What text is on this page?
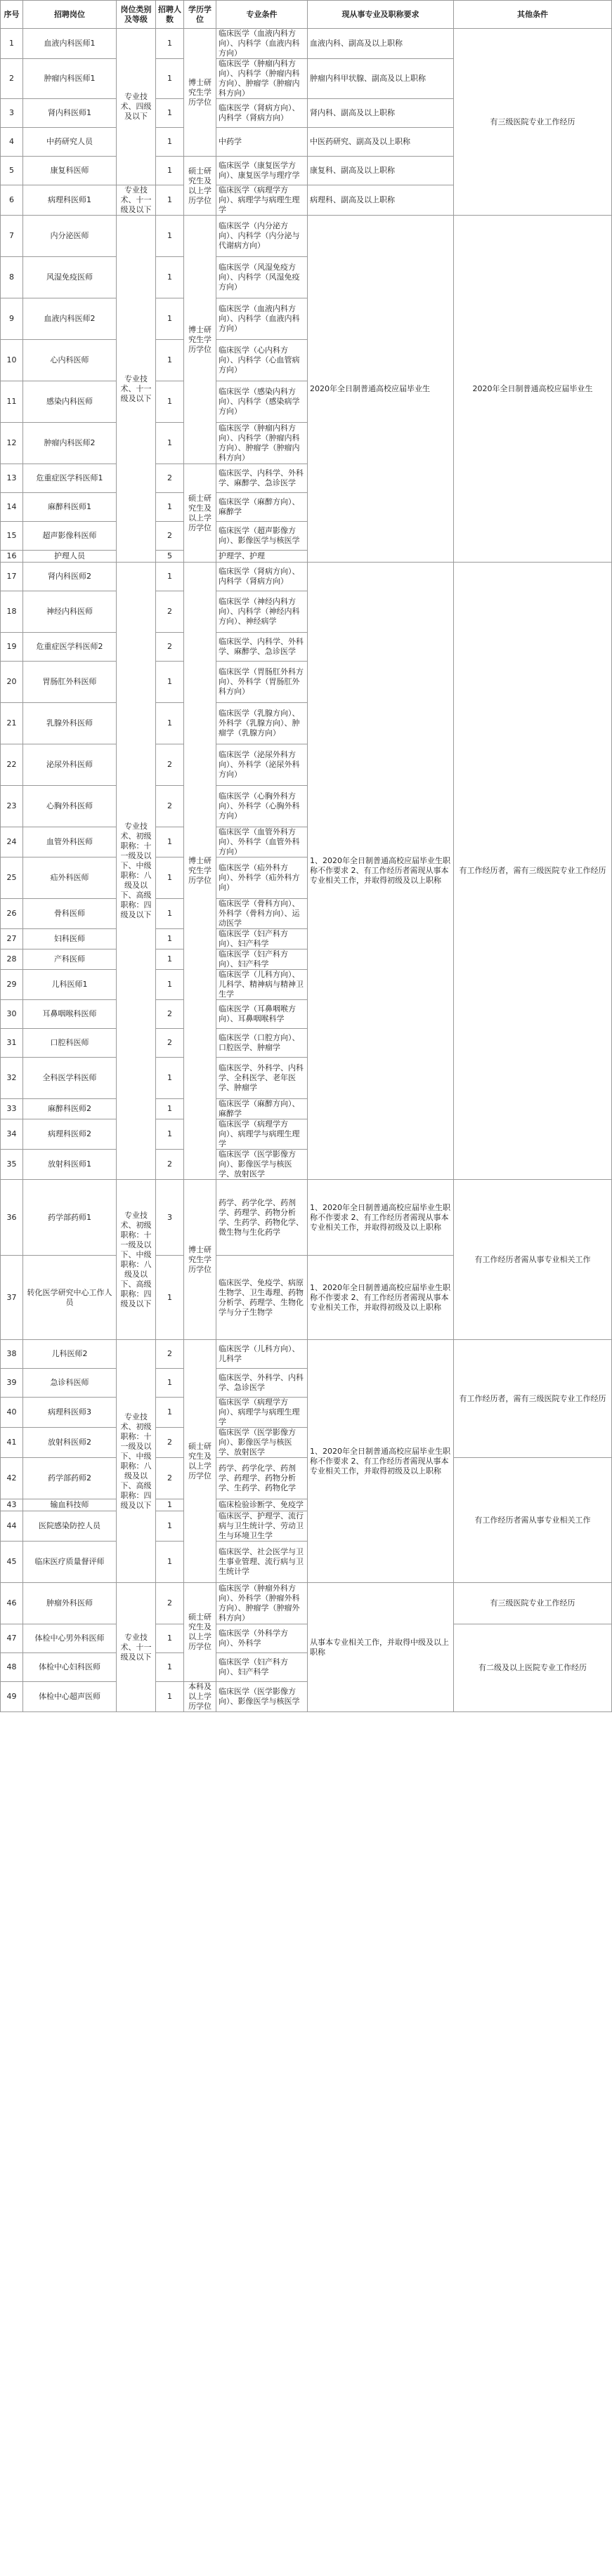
序号	招聘岗位	岗位类别及等级	招聘人数	学历学位	专业条件	现从事专业及职称要求	其他条件
1	血液内科医师1	专业技术、四级及以下	1	博士研究生学历学位	临床医学（血液内科方向）、内科学（血液内科方向）	血液内科、副高及以上职称	有三级医院专业工作经历
2	肿瘤内科医师1		1		临床医学（肿瘤内科方向）、内科学（肿瘤内科方向）、肿瘤学（肿瘤内科方向）	肿瘤内科甲状腺、副高及以上职称	
3	肾内科医师1		1		临床医学（肾病方向）、内科学（肾病方向）	肾内科、副高及以上职称	
4	中药研究人员		1		中药学	中医药研究、副高及以上职称	
5	康复科医师		1	硕士研究生及以上学历学位	临床医学（康复医学方向）、康复医学与理疗学	康复科、副高及以上职称	
6	病理科医师1	专业技术、十一级及以下	1		临床医学（病理学方向）、病理学与病理生理学	病理科、副高及以上职称	
7	内分泌医师	专业技术、十一级及以下	1	博士研究生学历学位	临床医学（内分泌方向）、内科学（内分泌与代谢病方向）	2020年全日制普通高校应届毕业生	2020年全日制普通高校应届毕业生
8	风湿免疫医师		1		临床医学（风湿免疫方向）、内科学（风湿免疫方向）		
9	血液内科医师2		1		临床医学（血液内科方向）、内科学（血液内科方向）		
10	心内科医师		1		临床医学（心内科方向）、内科学（心血管病方向）		
11	感染内科医师		1		临床医学（感染内科方向）、内科学（感染病学方向）		
12	肿瘤内科医师2		1		临床医学（肿瘤内科方向）、内科学（肿瘤内科方向）、肿瘤学（肿瘤内科方向）		
13	危重症医学科医师1		2	硕士研究生及以上学历学位	临床医学、内科学、外科学、麻醉学、急诊医学		
14	麻醉科医师1		1		临床医学（麻醉方向）、麻醉学		
15	超声影像科医师		2		临床医学（超声影像方向）、影像医学与核医学		
16	护理人员		5		护理学、护理		
17	肾内科医师2	专业技术、初级职称：十一级及以下、中级职称：八级及以下、高级职称：四级及以下	1	博士研究生学历学位	临床医学（肾病方向）、内科学（肾病方向）	1、2020年全日制普通高校应届毕业生职称不作要求 2、有工作经历者需现从事本专业相关工作，并取得初级及以上职称	有工作经历者，需有三级医院专业工作经历
18	神经内科医师		2		临床医学（神经内科方向）、内科学（神经内科方向）、神经病学		
19	危重症医学科医师2		2		临床医学、内科学、外科学、麻醉学、急诊医学		
20	胃肠肛外科医师		1		临床医学（胃肠肛外科方向）、外科学（胃肠肛外科方向）		
21	乳腺外科医师		1		临床医学（乳腺方向）、外科学（乳腺方向）、肿瘤学（乳腺方向）		
22	泌尿外科医师		2		临床医学（泌尿外科方向）、外科学（泌尿外科方向）		
23	心胸外科医师		2		临床医学（心胸外科方向）、外科学（心胸外科方向）		
24	血管外科医师		1		临床医学（血管外科方向）、外科学（血管外科方向）		
25	疝外科医师		1		临床医学（疝外科方向）、外科学（疝外科方向）		
26	骨科医师		1		临床医学（骨科方向）、外科学（骨科方向）、运动医学		
27	妇科医师		1		临床医学（妇产科方向）、妇产科学		
28	产科医师		1		临床医学（妇产科方向）、妇产科学		
29	儿科医师1		1		临床医学（儿科方向）、儿科学、精神病与精神卫生学		
30	耳鼻咽喉科医师		2		临床医学（耳鼻咽喉方向）、耳鼻咽喉科学		
31	口腔科医师		2		临床医学（口腔方向）、口腔医学、肿瘤学		
32	全科医学科医师		1		临床医学、外科学、内科学、全科医学、老年医学、肿瘤学		
33	麻醉科医师2		1		临床医学（麻醉方向）、麻醉学		
34	病理科医师2		1		临床医学（病理学方向）、病理学与病理生理学		
35	放射科医师1		2		临床医学（医学影像方向）、影像医学与核医学、放射医学		
36	药学部药师1	专业技术、初级职称：十一级及以下、中级职称：八级及以下、高级职称：四级及以下	3	博士研究生学历学位	药学、药学化学、药剂学、药理学、药物分析学、生药学、药物化学、微生物与生化药学	1、2020年全日制普通高校应届毕业生职称不作要求 2、有工作经历者需现从事本专业相关工作，并取得初级及以上职称	有工作经历者需从事专业相关工作
37	转化医学研究中心工作人员		1		临床医学、免疫学、病原生物学、卫生毒理、药物分析学、药理学、生物化学与分子生物学	1、2020年全日制普通高校应届毕业生职称不作要求 2、有工作经历者需现从事本专业相关工作，并取得初级及以上职称	
38	儿科医师2	专业技术、初级职称：十一级及以下、中级职称：八级及以下、高级职称：四级及以下	2	硕士研究生及以上学历学位	临床医学（儿科方向）、儿科学	1、2020年全日制普通高校应届毕业生职称不作要求 2、有工作经历者需现从事本专业相关工作，并取得初级及以上职称	有工作经历者，需有三级医院专业工作经历
39	急诊科医师		1		临床医学、外科学、内科学、急诊医学		
40	病理科医师3		1		临床医学（病理学方向）、病理学与病理生理学		
41	放射科医师2		2		临床医学（医学影像方向）、影像医学与核医学、放射医学		
42	药学部药师2		2		药学、药学化学、药剂学、药理学、药物分析学、生药学、药物化学		有工作经历者需从事专业相关工作
43	输血科技师		1		临床检验诊断学、免疫学		
44	医院感染防控人员		1		临床医学、护理学、流行病与卫生统计学、劳动卫生与环境卫生学		
45	临床医疗质量督评师		1		临床医学、社会医学与卫生事业管理、流行病与卫生统计学		
46	肿瘤外科医师	专业技术、十一级及以下	2	硕士研究生及以上学历学位	临床医学（肿瘤外科方向）、外科学（肿瘤外科方向）、肿瘤学（肿瘤外科方向）	从事本专业相关工作，并取得中级及以上职称	有三级医院专业工作经历
47	体检中心男外科医师		1		临床医学（外科学方向）、外科学		有二级及以上医院专业工作经历
48	体检中心妇科医师		1		临床医学（妇产科方向）、妇产科学		
49	体检中心超声医师		1	本科及以上学历学位	临床医学（医学影像方向）、影像医学与核医学		
